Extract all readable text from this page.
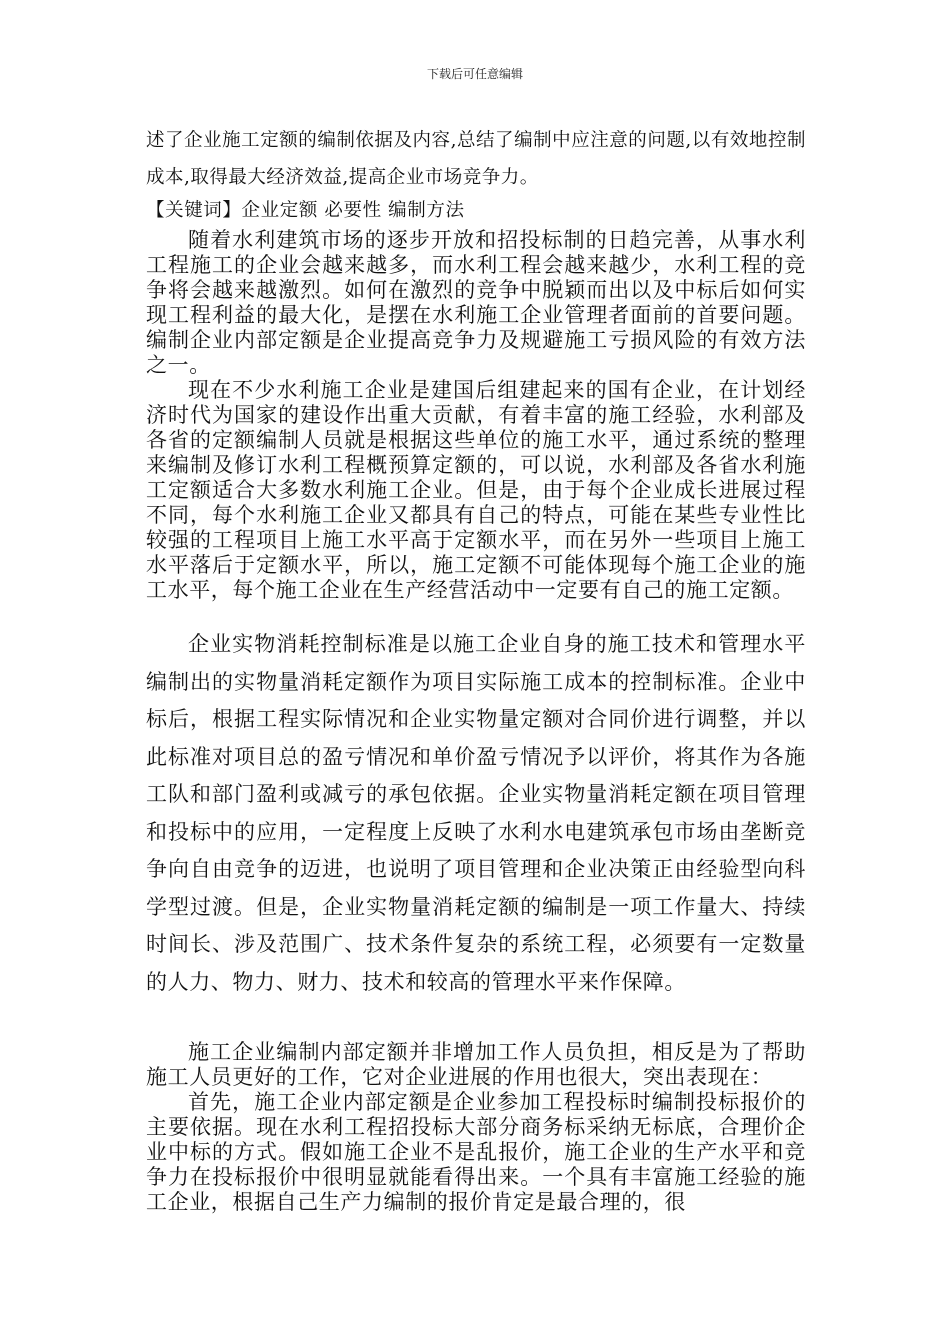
下载后可任意编辑

述了企业施工定额的编制依据及内容,总结了编制中应注意的问题,以有效地控制成本,取得最大经济效益,提高企业市场竞争力。

【关键词】企业定额 必要性 编制方法

随着水利建筑市场的逐步开放和招投标制的日趋完善，从事水利工程施工的企业会越来越多，而水利工程会越来越少，水利工程的竞争将会越来越激烈。如何在激烈的竞争中脱颖而出以及中标后如何实现工程利益的最大化，是摆在水利施工企业管理者面前的首要问题。编制企业内部定额是企业提高竞争力及规避施工亏损风险的有效方法之一。

现在不少水利施工企业是建国后组建起来的国有企业，在计划经济时代为国家的建设作出重大贡献，有着丰富的施工经验，水利部及各省的定额编制人员就是根据这些单位的施工水平，通过系统的整理来编制及修订水利工程概预算定额的，可以说，水利部及各省水利施工定额适合大多数水利施工企业。但是，由于每个企业成长进展过程不同，每个水利施工企业又都具有自己的特点，可能在某些专业性比较强的工程项目上施工水平高于定额水平，而在另外一些项目上施工水平落后于定额水平，所以，施工定额不可能体现每个施工企业的施工水平，每个施工企业在生产经营活动中一定要有自己的施工定额。

企业实物消耗控制标准是以施工企业自身的施工技术和管理水平编制出的实物量消耗定额作为项目实际施工成本的控制标准。企业中标后，根据工程实际情况和企业实物量定额对合同价进行调整，并以此标准对项目总的盈亏情况和单价盈亏情况予以评价，将其作为各施工队和部门盈利或减亏的承包依据。企业实物量消耗定额在项目管理和投标中的应用，一定程度上反映了水利水电建筑承包市场由垄断竞争向自由竞争的迈进，也说明了项目管理和企业决策正由经验型向科学型过渡。但是，企业实物量消耗定额的编制是一项工作量大、持续时间长、涉及范围广、技术条件复杂的系统工程，必须要有一定数量的人力、物力、财力、技术和较高的管理水平来作保障。

施工企业编制内部定额并非增加工作人员负担，相反是为了帮助施工人员更好的工作，它对企业进展的作用也很大，突出表现在：

首先，施工企业内部定额是企业参加工程投标时编制投标报价的主要依据。现在水利工程招投标大部分商务标采纳无标底，合理价企业中标的方式。假如施工企业不是乱报价，施工企业的生产水平和竞争力在投标报价中很明显就能看得出来。一个具有丰富施工经验的施工企业，根据自己生产力编制的报价肯定是最合理的，很
